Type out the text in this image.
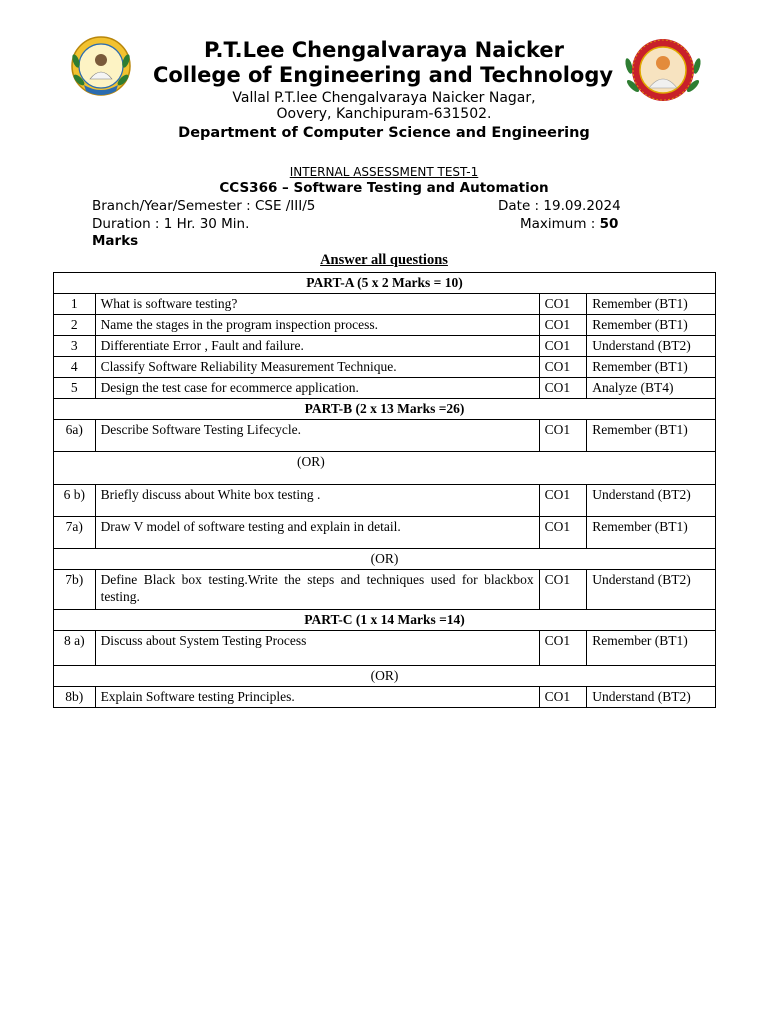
P.T.Lee Chengalvaraya Naicker
College of Engineering and Technology
Vallal P.T.lee Chengalvaraya Naicker Nagar,
Oovery, Kanchipuram-631502.
Department of Computer Science and Engineering
INTERNAL ASSESSMENT TEST-1
CCS366 – Software Testing and Automation
Branch/Year/Semester : CSE /III/5	Date : 19.09.2024
Duration : 1 Hr. 30 Min.	Maximum : 50
Marks
Answer all questions
PART-A (5 x 2 Marks = 10)			
1	What is software testing?	CO1	Remember (BT1)
2	Name the stages in the program inspection process.	CO1	Remember (BT1)
3	Differentiate Error , Fault and failure.	CO1	Understand (BT2)
4	Classify Software Reliability Measurement Technique.	CO1	Remember (BT1)
5	Design the test case for ecommerce application.	CO1	Analyze (BT4)
PART-B (2 x 13 Marks =26)			
6a)	Describe Software Testing Lifecycle.	CO1	Remember (BT1)
(OR)			
6 b)	Briefly discuss about White box testing .	CO1	Understand (BT2)
7a)	Draw V model of software testing and explain in detail.	CO1	Remember (BT1)
(OR)			
7b)	Define Black box testing.Write the steps and techniques used for blackbox testing.	CO1	Understand (BT2)
PART-C (1 x 14 Marks =14)			
8 a)	Discuss about System Testing Process	CO1	Remember (BT1)
(OR)			
8b)	Explain Software testing Principles.	CO1	Understand (BT2)
